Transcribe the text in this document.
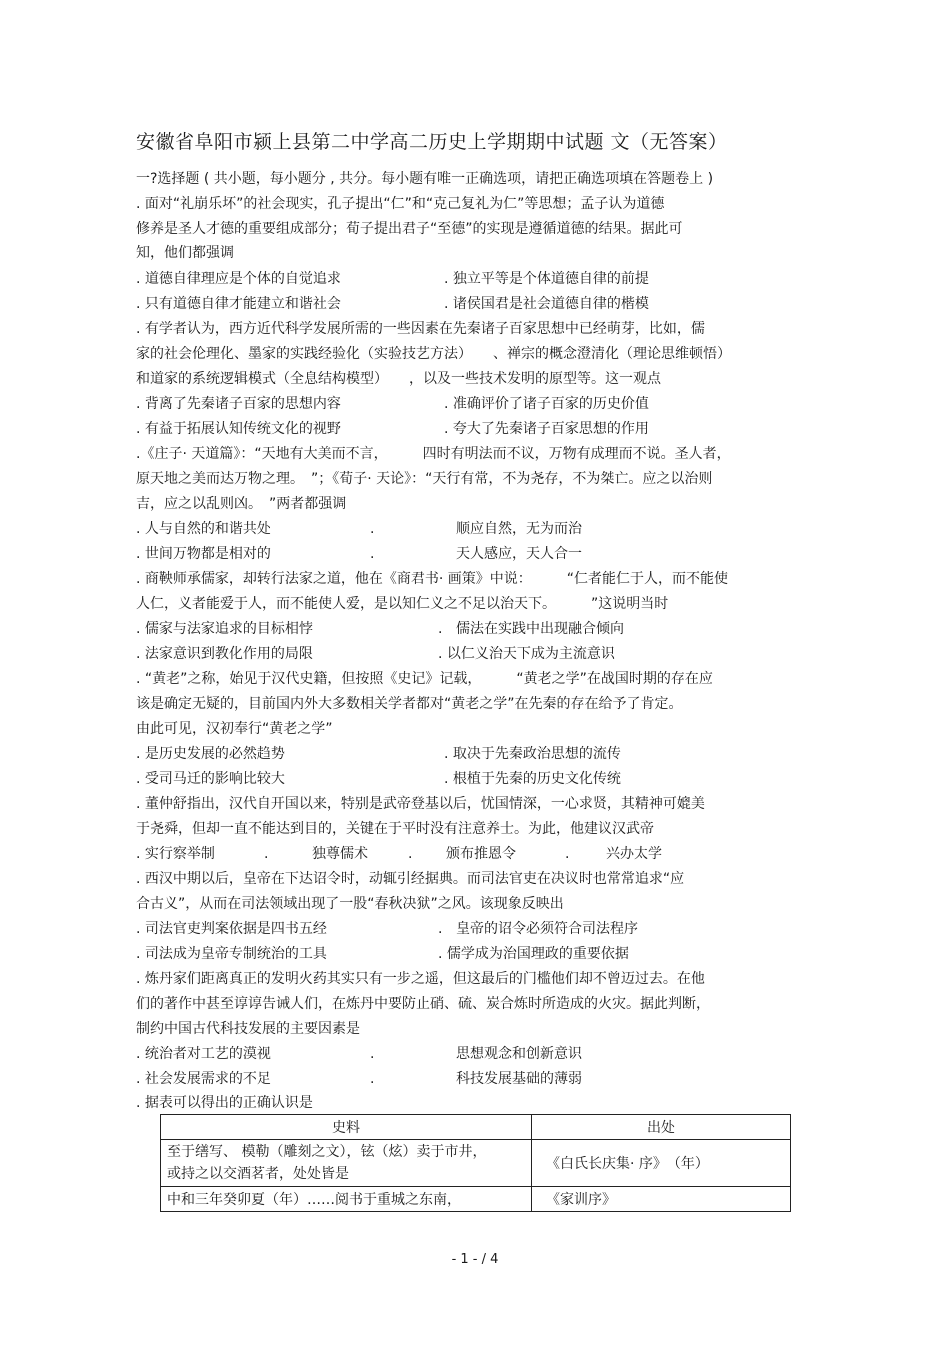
安徽省阜阳市颍上县第二中学高二历史上学期期中试题 文（无答案）
一?选择题 ( 共小题，每小题分 , 共分。每小题有唯一正确选项，请把正确选项填在答题卷上 )
. 面对“礼崩乐坏”的社会现实，孔子提出“仁”和“克己复礼为仁”等思想；孟子认为道德
修养是圣人才德的重要组成部分；荀子提出君子“至德”的实现是遵循道德的结果。据此可
知，他们都强调
. 道德自律理应是个体的自觉追求	. 独立平等是个体道德自律的前提
. 只有道德自律才能建立和谐社会	. 诸侯国君是社会道德自律的楷模
. 有学者认为，西方近代科学发展所需的一些因素在先秦诸子百家思想中已经萌芽，比如，儒
家的社会伦理化、墨家的实践经验化（实验技艺方法）　　、禅宗的概念澄清化（理论思维顿悟）
和道家的系统逻辑模式（全息结构模型）　　，以及一些技术发明的原型等。这一观点
. 背离了先秦诸子百家的思想内容	. 准确评价了诸子百家的历史价值
. 有益于拓展认知传统文化的视野	. 夸大了先秦诸子百家思想的作用
.《庄子· 天道篇》：“天地有大美而不言，　　　四时有明法而不议，万物有成理而不说。圣人者，
原天地之美而达万物之理。　”；《荀子· 天论》：“天行有常，不为尧存，不为桀亡。应之以治则
吉，应之以乱则凶。　”两者都强调
. 人与自然的和谐共处	.	顺应自然，无为而治
. 世间万物都是相对的	.	天人感应，天人合一
. 商鞅师承儒家，却转行法家之道，他在《商君书· 画策》中说：　　　“仁者能仁于人，而不能使
人仁，义者能爱于人，而不能使人爱，是以知仁义之不足以治天下。　　　”这说明当时
. 儒家与法家追求的目标相悖	. 儒法在实践中出现融合倾向
. 法家意识到教化作用的局限	. 以仁义治天下成为主流意识
. “黄老”之称，始见于汉代史籍，但按照《史记》记载，　　　“黄老之学”在战国时期的存在应
该是确定无疑的，目前国内外大多数相关学者都对“黄老之学”在先秦的存在给予了肯定。
由此可见，汉初奉行“黄老之学”
. 是历史发展的必然趋势	. 取决于先秦政治思想的流传
. 受司马迁的影响比较大	. 根植于先秦的历史文化传统
. 董仲舒指出，汉代自开国以来，特别是武帝登基以后，忧国情深，一心求贤，其精神可媲美
于尧舜，但却一直不能达到目的，关键在于平时没有注意养士。为此，他建议汉武帝
. 实行察举制	.	独尊儒术	. 颁布推恩令	.	兴办太学
. 西汉中期以后，皇帝在下达诏令时，动辄引经据典。而司法官吏在决议时也常常追求“应
合古义”，从而在司法领域出现了一股“春秋决狱”之风。该现象反映出
. 司法官吏判案依据是四书五经	. 皇帝的诏令必须符合司法程序
. 司法成为皇帝专制统治的工具	. 儒学成为治国理政的重要依据
. 炼丹家们距离真正的发明火药其实只有一步之遥，但这最后的门槛他们却不曾迈过去。在他
们的著作中甚至谆谆告诫人们，在炼丹中要防止硝、硫、炭合炼时所造成的火灾。据此判断，
制约中国古代科技发展的主要因素是
. 统治者对工艺的漠视	.	思想观念和创新意识
. 社会发展需求的不足	.	科技发展基础的薄弱
. 据表可以得出的正确认识是
史料	出处

至于缮写、 模勒（雕刻之文），铉（炫）卖于市井，
或持之以交酒茗者，处处皆是	《白氏长庆集· 序》　（年）
中和三年癸卯夏（年）……阅书于重城之东南，	《家训序》
- 1 - / 4
